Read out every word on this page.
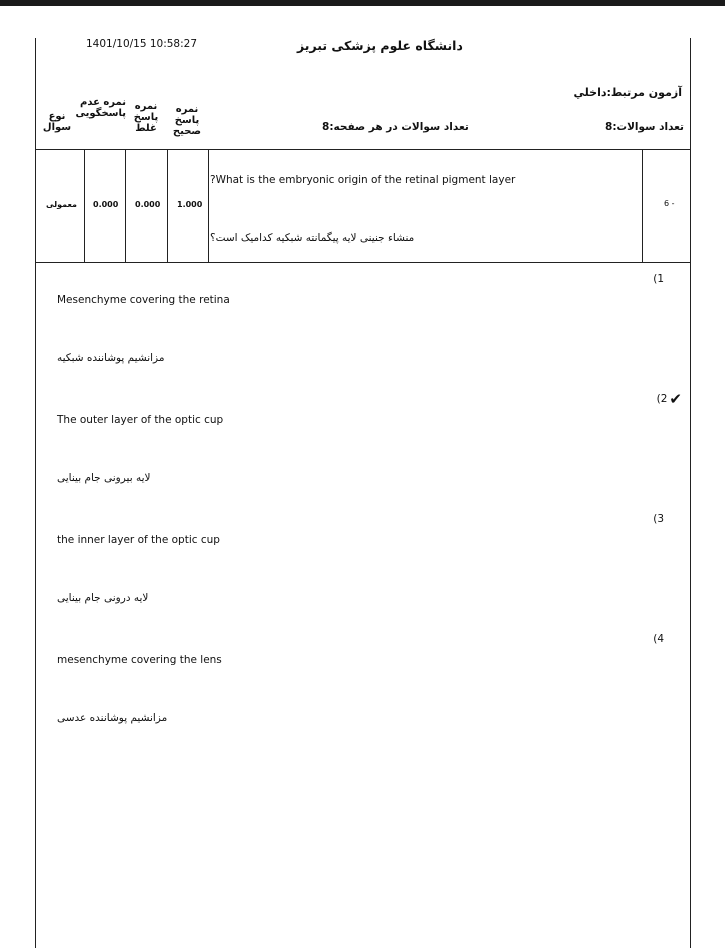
1401/10/15 10:58:27	دانشگاه علوم پزشکی تبریز
آزمون مرتبط:داخلي
تعداد سوالات:8
تعداد سوالات در هر صفحه:8
نوع سوال
نمره عدم پاسخگویی
نمره پاسخ غلط
نمره پاسخ صحیح
معمولی 0.000 0.000 1.000
?What is the embryonic origin of the retinal pigment layer
منشاء جنینی لایه پیگمانته شبکیه کدامیک است؟
6 -
(1
Mesenchyme covering the retina
مزانشیم پوشاننده شبکیه
(2 ✔
The outer layer of the optic cup
لایه بیرونی جام بینایی
(3
the inner layer of the optic cup
لایه درونی جام بینایی
(4
mesenchyme covering the lens
مزانشیم پوشاننده عدسی
